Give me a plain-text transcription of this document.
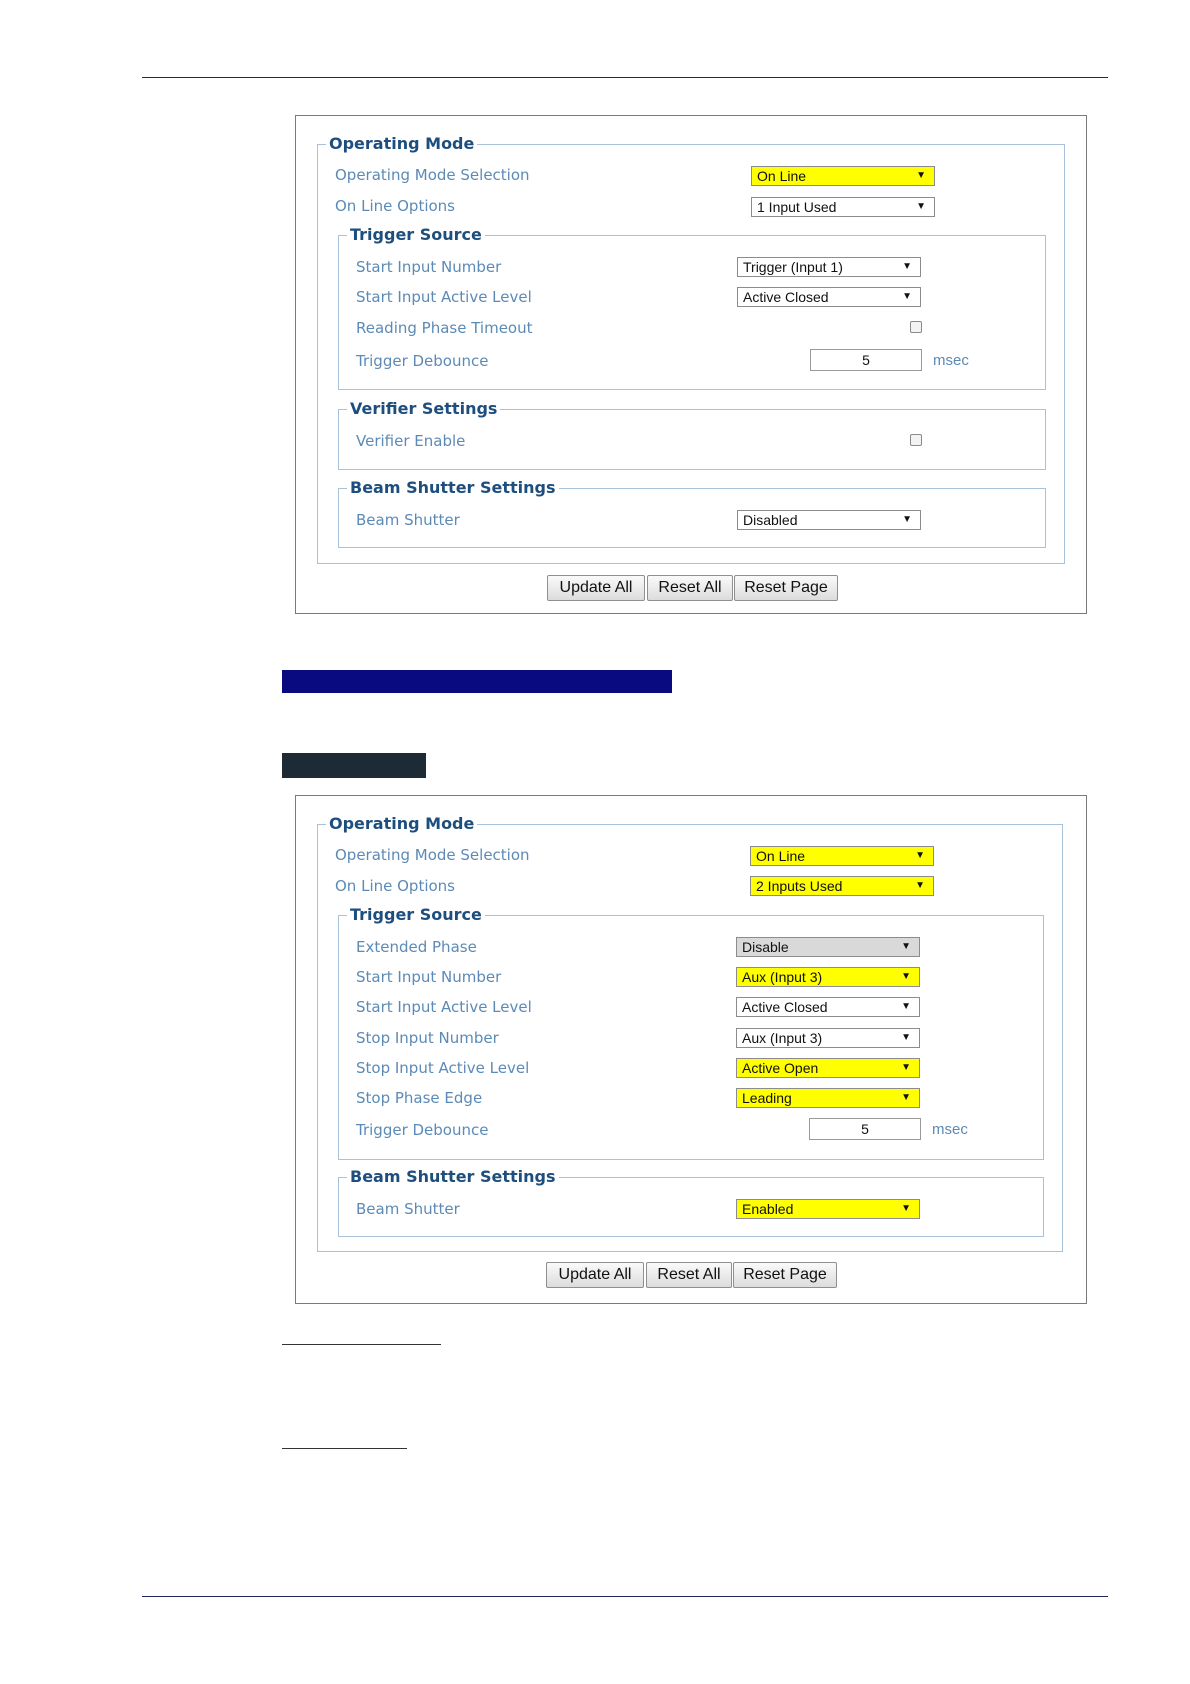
Operating Mode
Operating Mode Selection	On Line	▼
On Line Options	1 Input Used	▼
Trigger Source
Start Input Number	Trigger (Input 1)	▼
Start Input Active Level	Active Closed	▼
Reading Phase Timeout
Trigger Debounce	5	msec
Verifier Settings
Verifier Enable
Beam Shutter Settings
Beam Shutter	Disabled	▼
Update All	Reset All	Reset Page
Operating Mode
Operating Mode Selection	On Line	▼
On Line Options	2 Inputs Used	▼
Trigger Source
Extended Phase	Disable	▼
Start Input Number	Aux (Input 3)	▼
Start Input Active Level	Active Closed	▼
Stop Input Number	Aux (Input 3)	▼
Stop Input Active Level	Active Open	▼
Stop Phase Edge	Leading	▼
Trigger Debounce	5	msec
Beam Shutter Settings
Beam Shutter	Enabled	▼
Update All	Reset All	Reset Page
